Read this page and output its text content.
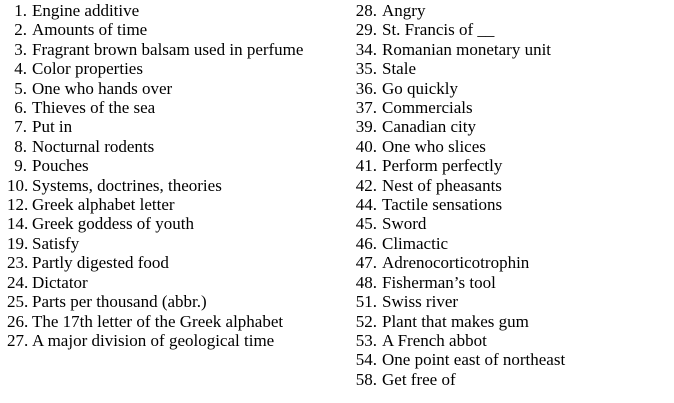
1. Engine additive
2. Amounts of time
3. Fragrant brown balsam used in perfume
4. Color properties
5. One who hands over
6. Thieves of the sea
7. Put in
8. Nocturnal rodents
9. Pouches
10. Systems, doctrines, theories
12. Greek alphabet letter
14. Greek goddess of youth
19. Satisfy
23. Partly digested food
24. Dictator
25. Parts per thousand (abbr.)
26. The 17th letter of the Greek alphabet
27. A major division of geological time
28. Angry
29. St. Francis of __
34. Romanian monetary unit
35. Stale
36. Go quickly
37. Commercials
39. Canadian city
40. One who slices
41. Perform perfectly
42. Nest of pheasants
44. Tactile sensations
45. Sword
46. Climactic
47. Adrenocorticotrophin
48. Fisherman’s tool
51. Swiss river
52. Plant that makes gum
53. A French abbot
54. One point east of northeast
58. Get free of
